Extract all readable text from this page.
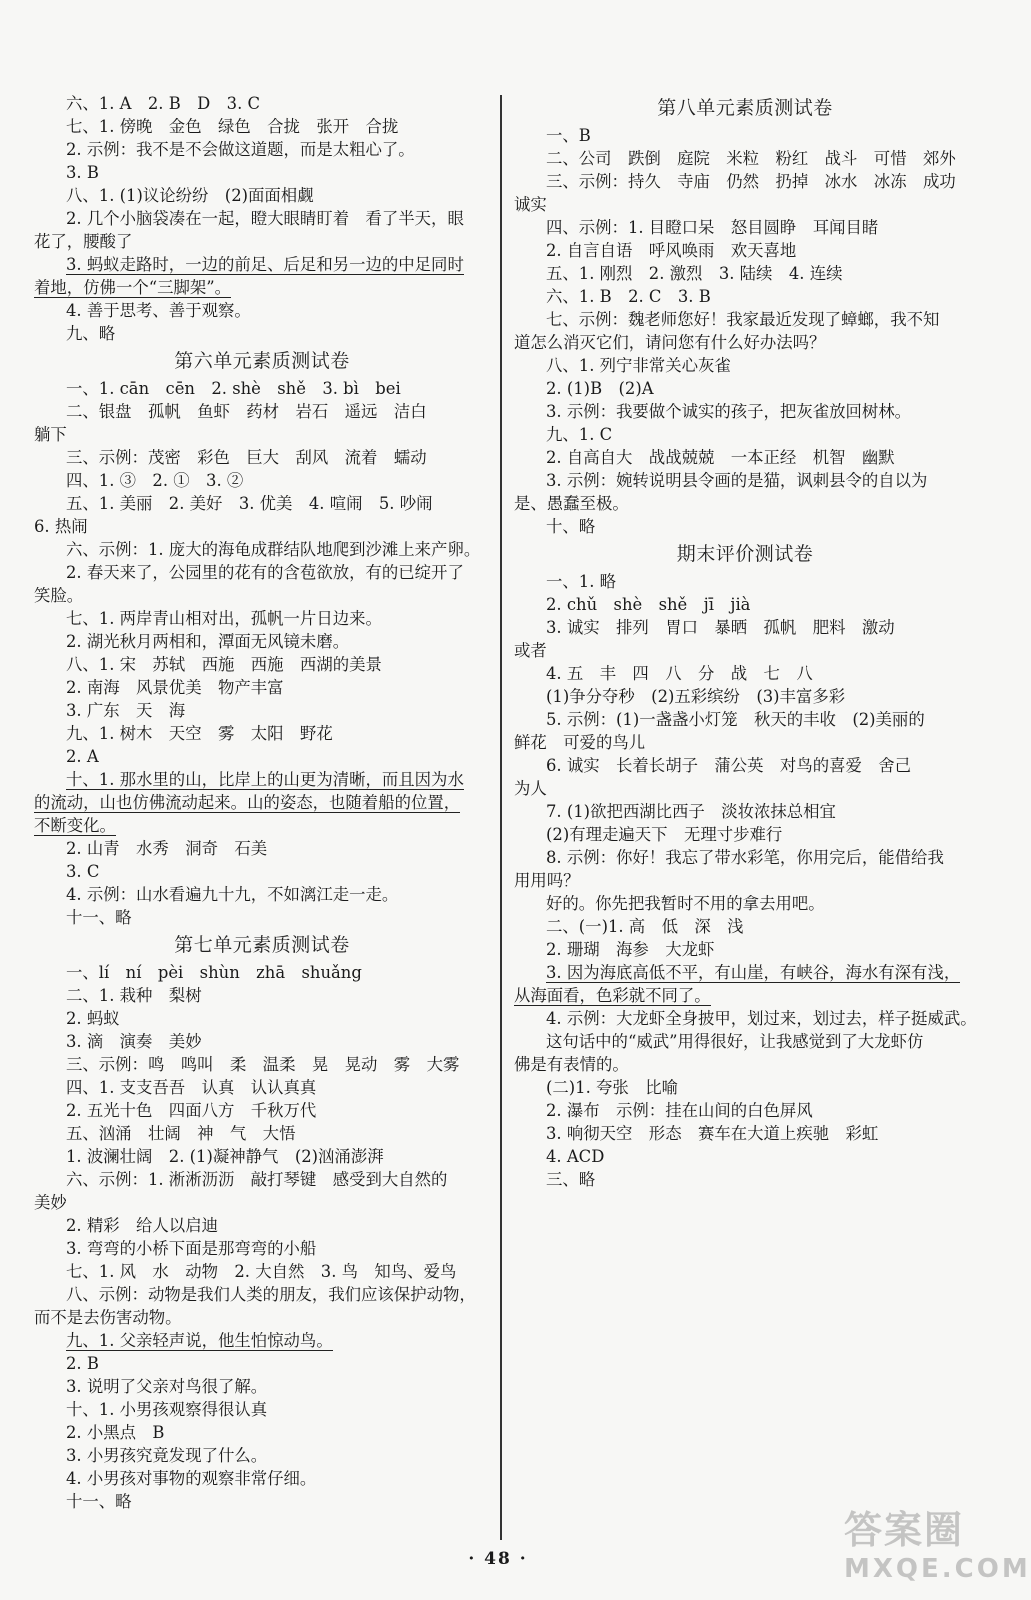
六、1. A　2. B　D　3. C
七、1. 傍晚　金色　绿色　合拢　张开　合拢
2. 示例：我不是不会做这道题，而是太粗心了。
3. B
八、1. (1)议论纷纷　(2)面面相觑
2. 几个小脑袋凑在一起，瞪大眼睛盯着　看了半天，眼
花了，腰酸了
3. 蚂蚁走路时，一边的前足、后足和另一边的中足同时
着地，仿佛一个“三脚架”。
4. 善于思考、善于观察。
九、略
第六单元素质测试卷
一、1. cān　cēn　2. shè　shě　3. bì　bei
二、银盘　孤帆　鱼虾　药材　岩石　遥远　洁白
躺下
三、示例：茂密　彩色　巨大　刮风　流着　蠕动
四、1. ③　2. ①　3. ②
五、1. 美丽　2. 美好　3. 优美　4. 喧闹　5. 吵闹
6. 热闹
六、示例：1. 庞大的海龟成群结队地爬到沙滩上来产卵。
2. 春天来了，公园里的花有的含苞欲放，有的已绽开了
笑脸。
七、1. 两岸青山相对出，孤帆一片日边来。
2. 湖光秋月两相和，潭面无风镜未磨。
八、1. 宋　苏轼　西施　西施　西湖的美景
2. 南海　风景优美　物产丰富
3. 广东　天　海
九、1. 树木　天空　雾　太阳　野花
2. A
十、1. 那水里的山，比岸上的山更为清晰，而且因为水
的流动，山也仿佛流动起来。山的姿态，也随着船的位置，
不断变化。
2. 山青　水秀　洞奇　石美
3. C
4. 示例：山水看遍九十九，不如漓江走一走。
十一、略
第七单元素质测试卷
一、lí　ní　pèi　shùn　zhā　shuǎng
二、1. 栽种　梨树
2. 蚂蚁
3. 滴　演奏　美妙
三、示例：鸣　鸣叫　柔　温柔　晃　晃动　雾　大雾
四、1. 支支吾吾　认真　认认真真
2. 五光十色　四面八方　千秋万代
五、汹涌　壮阔　神　气　大悟
1. 波澜壮阔　2. (1)凝神静气　(2)汹涌澎湃
六、示例：1. 淅淅沥沥　敲打琴键　感受到大自然的
美妙
2. 精彩　给人以启迪
3. 弯弯的小桥下面是那弯弯的小船
七、1. 风　水　动物　2. 大自然　3. 鸟　知鸟、爱鸟
八、示例：动物是我们人类的朋友，我们应该保护动物，
而不是去伤害动物。
九、1. 父亲轻声说，他生怕惊动鸟。
2. B
3. 说明了父亲对鸟很了解。
十、1. 小男孩观察得很认真
2. 小黑点　B
3. 小男孩究竟发现了什么。
4. 小男孩对事物的观察非常仔细。
十一、略
第八单元素质测试卷
一、B
二、公司　跌倒　庭院　米粒　粉红　战斗　可惜　郊外
三、示例：持久　寺庙　仍然　扔掉　冰水　冰冻　成功
诚实
四、示例：1. 目瞪口呆　怒目圆睁　耳闻目睹
2. 自言自语　呼风唤雨　欢天喜地
五、1. 刚烈　2. 激烈　3. 陆续　4. 连续
六、1. B　2. C　3. B
七、示例：魏老师您好！我家最近发现了蟑螂，我不知
道怎么消灭它们，请问您有什么好办法吗？
八、1. 列宁非常关心灰雀
2. (1)B　(2)A
3. 示例：我要做个诚实的孩子，把灰雀放回树林。
九、1. C
2. 自高自大　战战兢兢　一本正经　机智　幽默
3. 示例：婉转说明县令画的是猫，讽刺县令的自以为
是、愚蠢至极。
十、略
期末评价测试卷
一、1. 略
2. chǔ　shè　shě　jī　jià
3. 诚实　排列　胃口　暴晒　孤帆　肥料　激动
或者
4. 五　丰　四　八　分　战　七　八
(1)争分夺秒　(2)五彩缤纷　(3)丰富多彩
5. 示例：(1)一盏盏小灯笼　秋天的丰收　(2)美丽的
鲜花　可爱的鸟儿
6. 诚实　长着长胡子　蒲公英　对鸟的喜爱　舍己
为人
7. (1)欲把西湖比西子　淡妆浓抹总相宜
(2)有理走遍天下　无理寸步难行
8. 示例：你好！我忘了带水彩笔，你用完后，能借给我
用用吗？
好的。你先把我暂时不用的拿去用吧。
二、(一)1. 高　低　深　浅
2. 珊瑚　海参　大龙虾
3. 因为海底高低不平，有山崖，有峡谷，海水有深有浅，
从海面看，色彩就不同了。
4. 示例：大龙虾全身披甲，划过来，划过去，样子挺威武。
这句话中的“威武”用得很好，让我感觉到了大龙虾仿
佛是有表情的。
(二)1. 夸张　比喻
2. 瀑布　示例：挂在山间的白色屏风
3. 响彻天空　形态　赛车在大道上疾驰　彩虹
4. ACD
三、略
· 48 ·
答案圈
MXQE.COM
